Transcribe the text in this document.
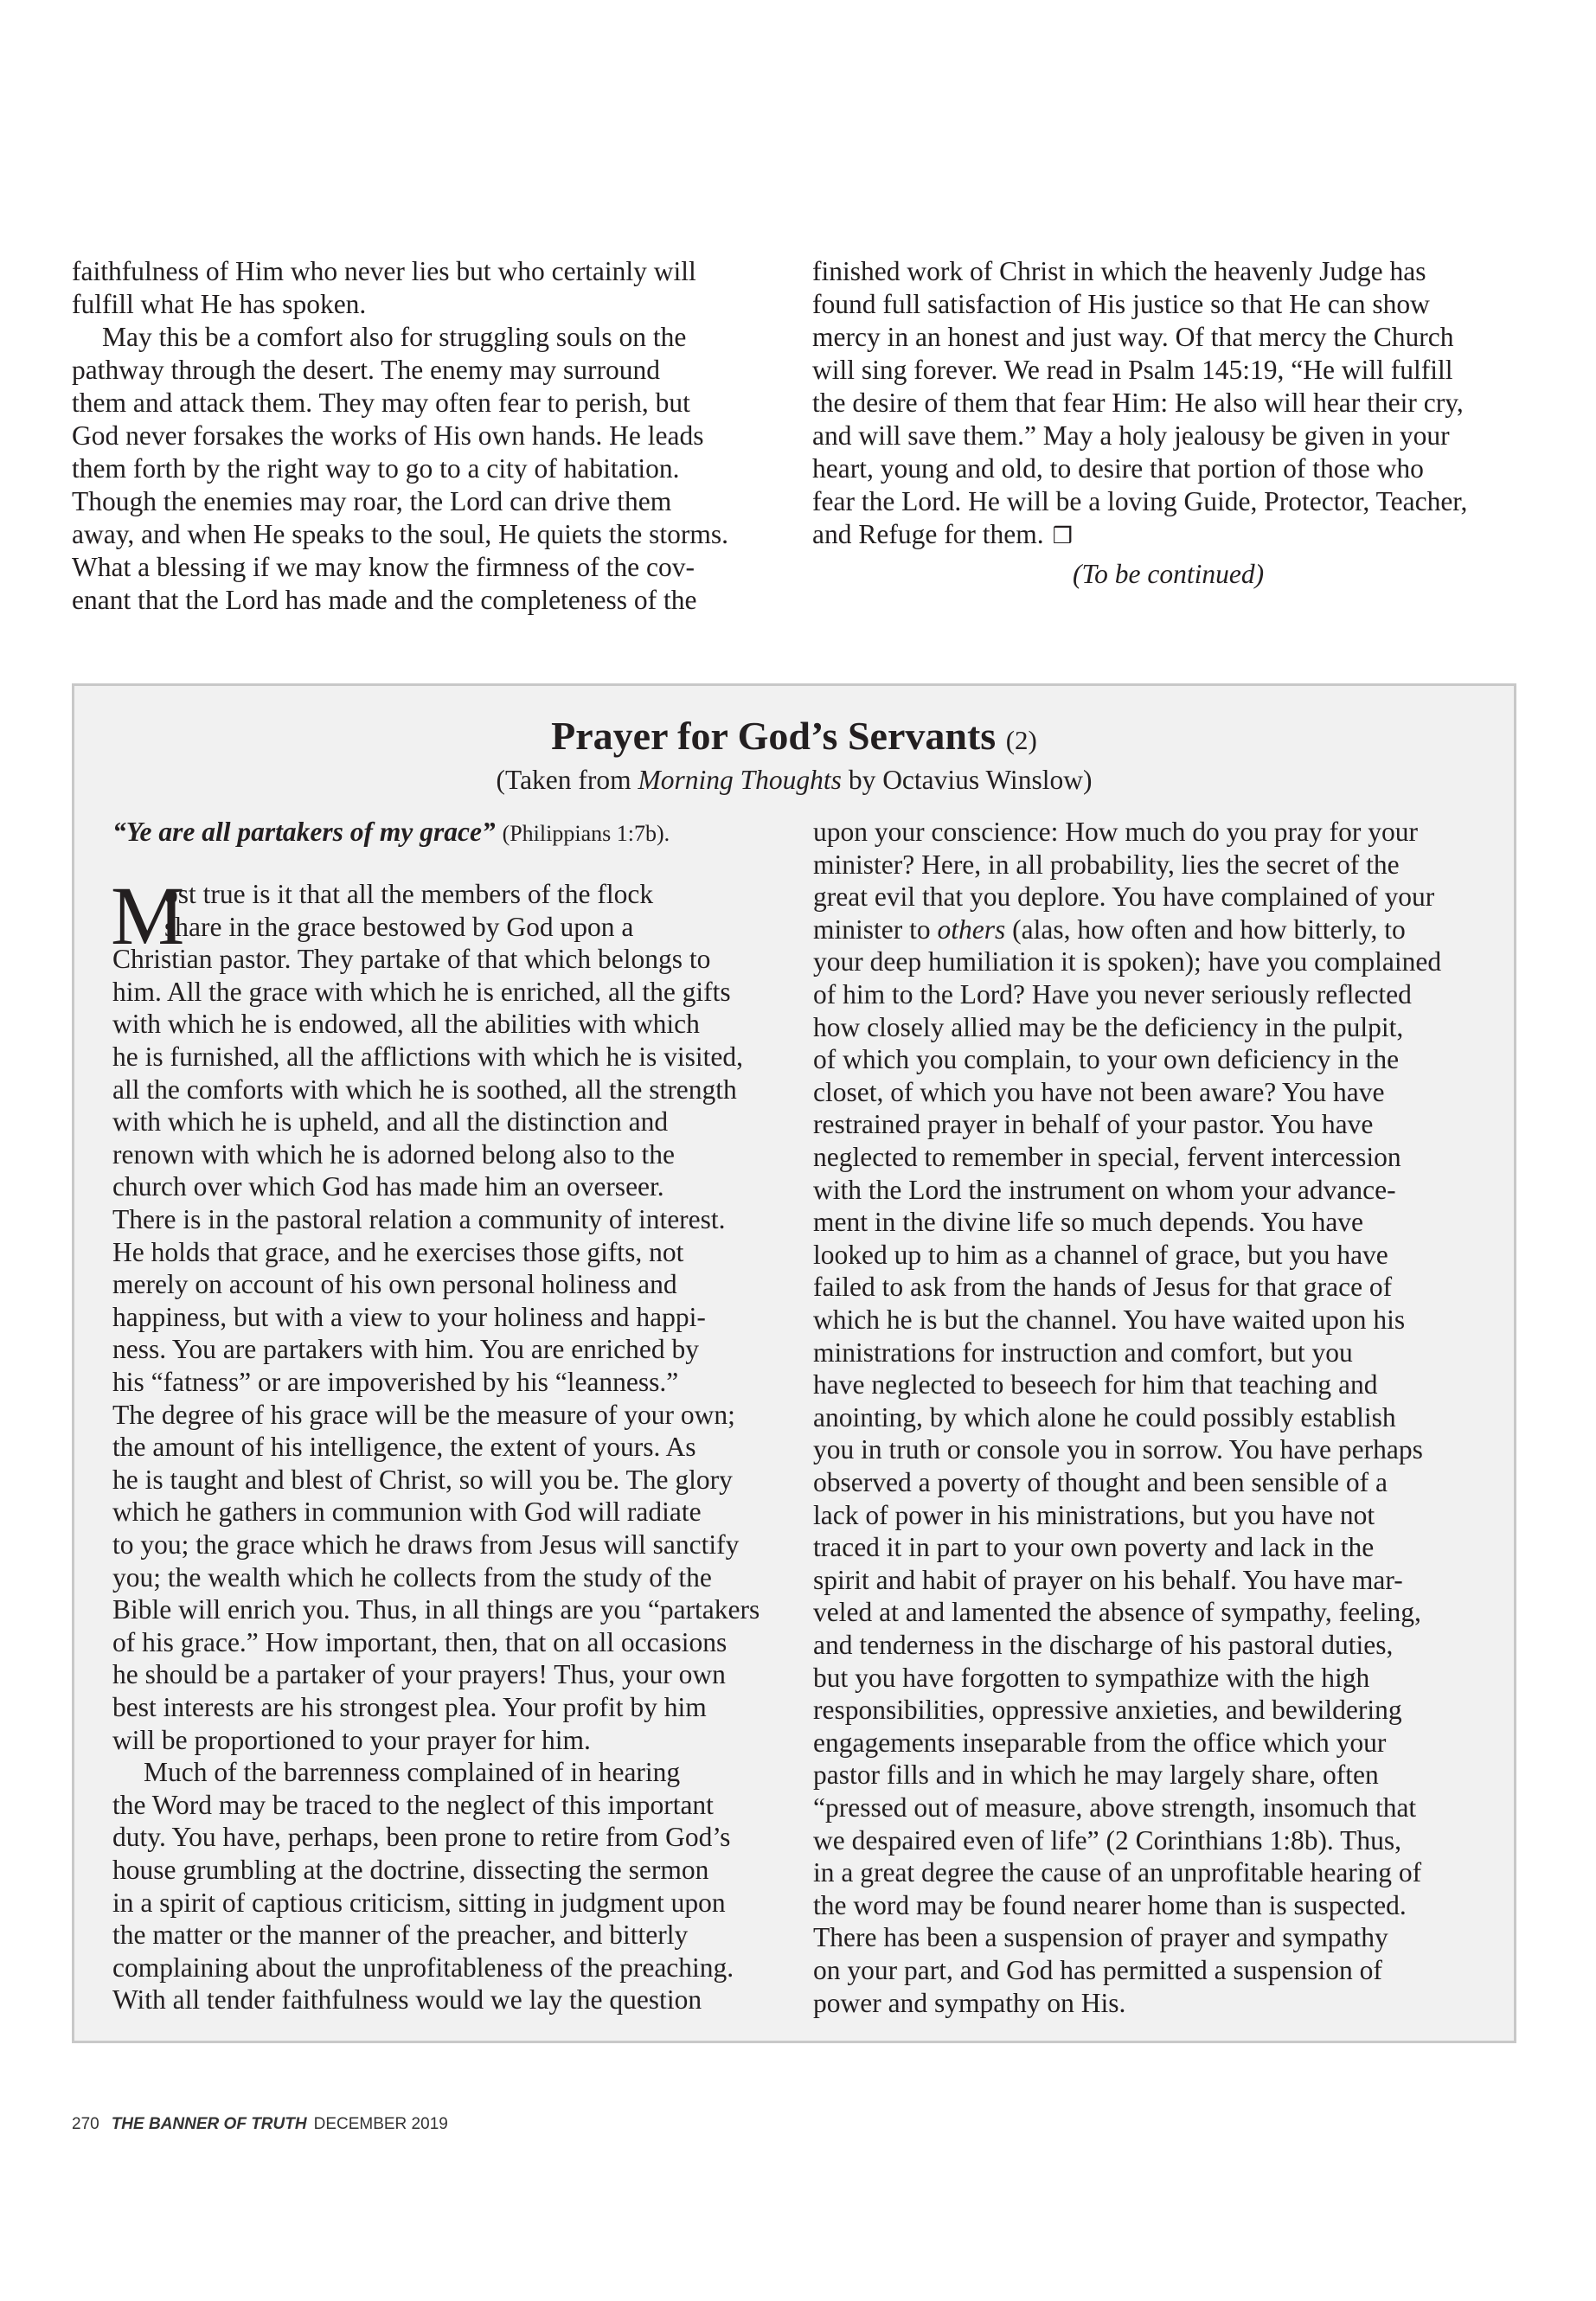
faithfulness of Him who never lies but who certainly will
fulfill what He has spoken.
May this be a comfort also for struggling souls on the
pathway through the desert. The enemy may surround
them and attack them. They may often fear to perish, but
God never forsakes the works of His own hands. He leads
them forth by the right way to go to a city of habitation.
Though the enemies may roar, the Lord can drive them
away, and when He speaks to the soul, He quiets the storms.
What a blessing if we may know the firmness of the cov-
enant that the Lord has made and the completeness of the
finished work of Christ in which the heavenly Judge has
found full satisfaction of His justice so that He can show
mercy in an honest and just way. Of that mercy the Church
will sing forever. We read in Psalm 145:19, “He will fulfill
the desire of them that fear Him: He also will hear their cry,
and will save them.” May a holy jealousy be given in your
heart, young and old, to desire that portion of those who
fear the Lord. He will be a loving Guide, Protector, Teacher,
and Refuge for them. ❒
(To be continued)
Prayer for God’s Servants (2)
(Taken from Morning Thoughts by Octavius Winslow)
“Ye are all partakers of my grace” (Philippians 1:7b).
M
ost true is it that all the members of the flock
share in the grace bestowed by God upon a
Christian pastor. They partake of that which belongs to
him. All the grace with which he is enriched, all the gifts
with which he is endowed, all the abilities with which
he is furnished, all the afflictions with which he is visited,
all the comforts with which he is soothed, all the strength
with which he is upheld, and all the distinction and
renown with which he is adorned belong also to the
church over which God has made him an overseer.
There is in the pastoral relation a community of interest.
He holds that grace, and he exercises those gifts, not
merely on account of his own personal holiness and
happiness, but with a view to your holiness and happi-
ness. You are partakers with him. You are enriched by
his “fatness” or are impoverished by his “leanness.”
The degree of his grace will be the measure of your own;
the amount of his intelligence, the extent of yours. As
he is taught and blest of Christ, so will you be. The glory
which he gathers in communion with God will radiate
to you; the grace which he draws from Jesus will sanctify
you; the wealth which he collects from the study of the
Bible will enrich you. Thus, in all things are you “partakers
of his grace.” How important, then, that on all occasions
he should be a partaker of your prayers! Thus, your own
best interests are his strongest plea. Your profit by him
will be proportioned to your prayer for him.
Much of the barrenness complained of in hearing
the Word may be traced to the neglect of this important
duty. You have, perhaps, been prone to retire from God’s
house grumbling at the doctrine, dissecting the sermon
in a spirit of captious criticism, sitting in judgment upon
the matter or the manner of the preacher, and bitterly
complaining about the unprofitableness of the preaching.
With all tender faithfulness would we lay the question
upon your conscience: How much do you pray for your
minister? Here, in all probability, lies the secret of the
great evil that you deplore. You have complained of your
minister to others (alas, how often and how bitterly, to
your deep humiliation it is spoken); have you complained
of him to the Lord? Have you never seriously reflected
how closely allied may be the deficiency in the pulpit,
of which you complain, to your own deficiency in the
closet, of which you have not been aware? You have
restrained prayer in behalf of your pastor. You have
neglected to remember in special, fervent intercession
with the Lord the instrument on whom your advance-
ment in the divine life so much depends. You have
looked up to him as a channel of grace, but you have
failed to ask from the hands of Jesus for that grace of
which he is but the channel. You have waited upon his
ministrations for instruction and comfort, but you
have neglected to beseech for him that teaching and
anointing, by which alone he could possibly establish
you in truth or console you in sorrow. You have perhaps
observed a poverty of thought and been sensible of a
lack of power in his ministrations, but you have not
traced it in part to your own poverty and lack in the
spirit and habit of prayer on his behalf. You have mar-
veled at and lamented the absence of sympathy, feeling,
and tenderness in the discharge of his pastoral duties,
but you have forgotten to sympathize with the high
responsibilities, oppressive anxieties, and bewildering
engagements inseparable from the office which your
pastor fills and in which he may largely share, often
“pressed out of measure, above strength, insomuch that
we despaired even of life” (2 Corinthians 1:8b). Thus,
in a great degree the cause of an unprofitable hearing of
the word may be found nearer home than is suspected.
There has been a suspension of prayer and sympathy
on your part, and God has permitted a suspension of
power and sympathy on His.
270 THE BANNER OF TRUTH DECEMBER 2019
